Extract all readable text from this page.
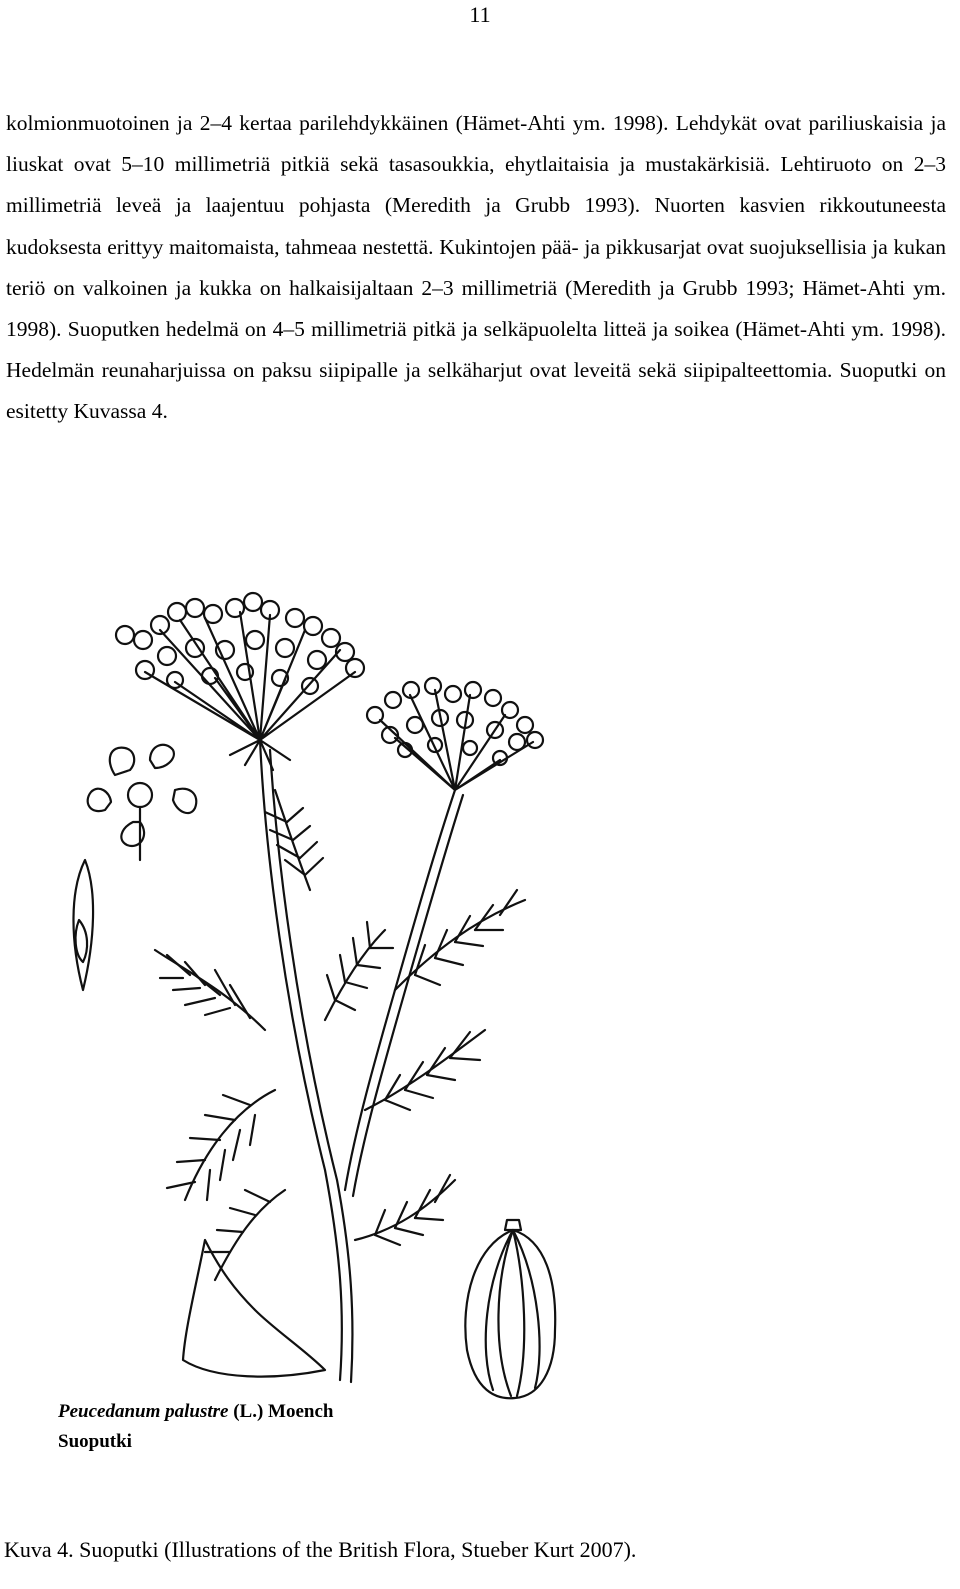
11

kolmionmuotoinen ja 2–4 kertaa parilehdykkäinen (Hämet-Ahti ym. 1998). Lehdykät ovat pariliuskaisia ja liuskat ovat 5–10 millimetriä pitkiä sekä tasasoukkia, ehytlaitaisia ja mustakärkisiä. Lehtiruoto on 2–3 millimetriä leveä ja laajentuu pohjasta (Meredith ja Grubb 1993). Nuorten kasvien rikkoutuneesta kudoksesta erittyy maitomaista, tahmeaa nestettä. Kukintojen pää- ja pikkusarjat ovat suojuksellisia ja kukan teriö on valkoinen ja kukka on halkaisijaltaan 2–3 millimetriä (Meredith ja Grubb 1993; Hämet-Ahti ym. 1998). Suoputken hedelmä on 4–5 millimetriä pitkä ja selkäpuolelta litteä ja soikea (Hämet-Ahti ym. 1998). Hedelmän reunaharjuissa on paksu siipipalle ja selkäharjut ovat leveitä sekä siipipalteettomia. Suoputki on esitetty Kuvassa 4.

Peucedanum palustre (L.) Moench
Suoputki
Kuva 4. Suoputki (Illustrations of the British Flora, Stueber Kurt 2007).
